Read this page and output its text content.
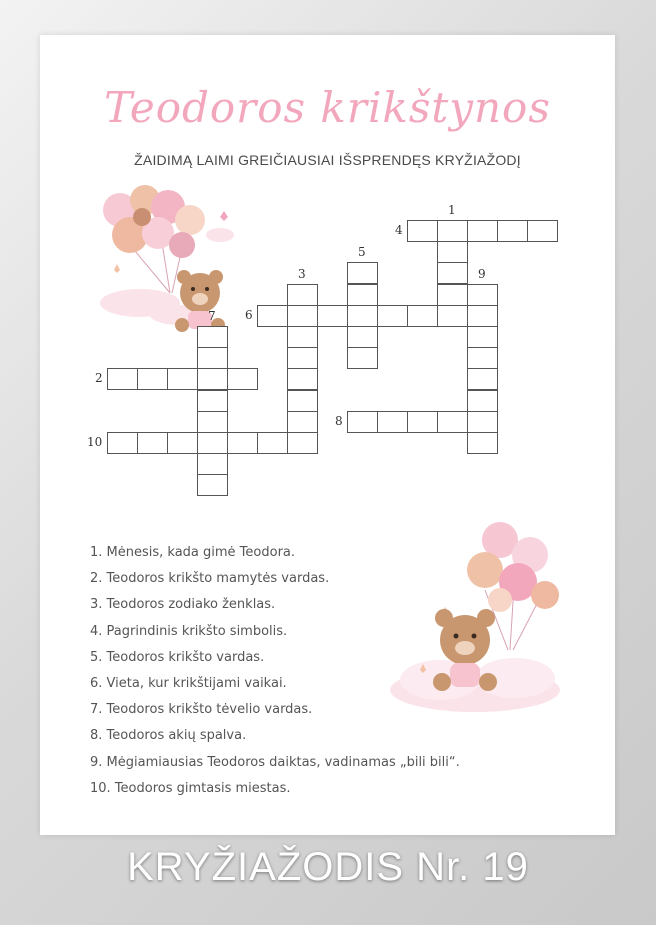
Teodoros krikštynos
ŽAIDIMĄ LAIMI GREIČIAUSIAI IŠSPRENDĘS KRYŽIAŽODĮ
1
4
5
3	9
6
7
2
8
10
1. Mėnesis, kada gimė Teodora.
2. Teodoros krikšto mamytės vardas.
3. Teodoros zodiako ženklas.
4. Pagrindinis krikšto simbolis.
5. Teodoros krikšto vardas.
6. Vieta, kur krikštijami vaikai.
7. Teodoros krikšto tėvelio vardas.
8. Teodoros akių spalva.
9. Mėgiamiausias Teodoros daiktas, vadinamas „bili bili“.
10. Teodoros gimtasis miestas.
KRYŽIAŽODIS Nr. 19
